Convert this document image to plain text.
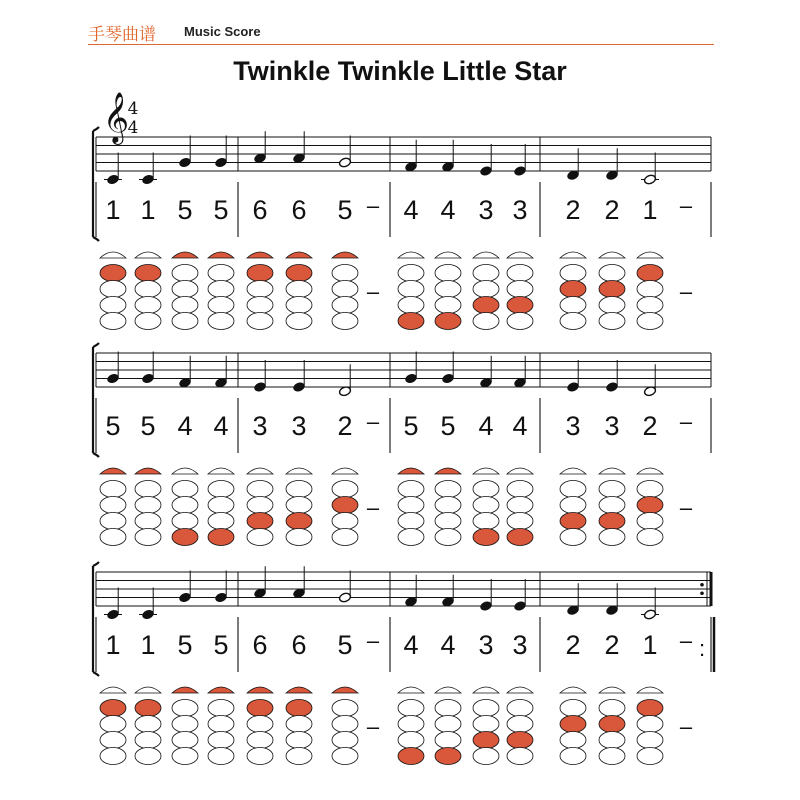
手琴曲谱 Music Score
Twinkle Twinkle Little Star
𝄞
4
4
1 1 5 5 6 6 5 4 4 3 3 2 2 1
–
–
–
–
5 5 4 4 3 3 2 5 5 4 4 3 3 2
–
–
–
–
:
1 1 5 5 6 6 5 4 4 3 3 2 2 1
–
–
–
–
